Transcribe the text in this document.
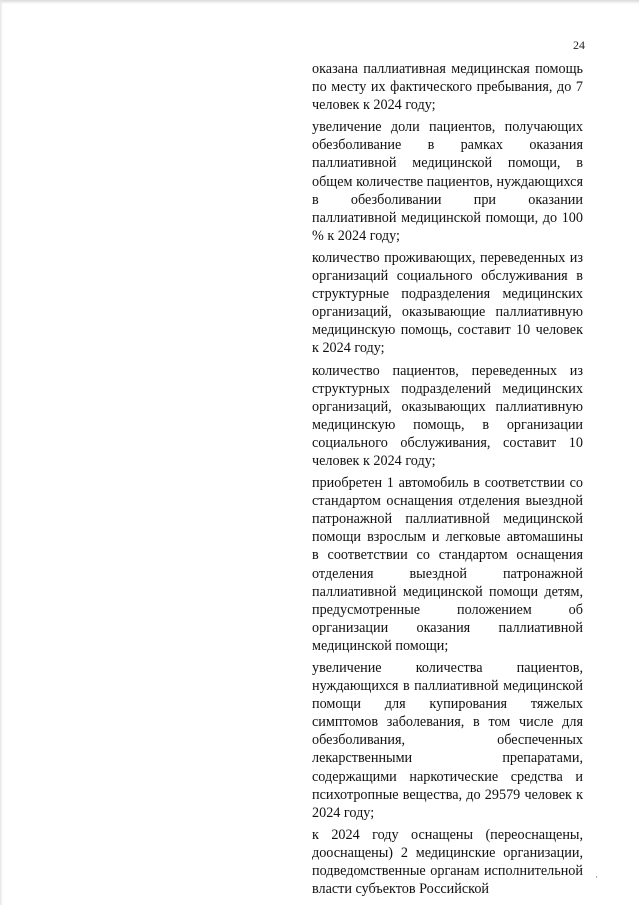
24

оказана паллиативная медицинская помощь по месту их фактического пребывания, до 7 человек к 2024 году;

увеличение доли пациентов, получающих обезболивание в рамках оказания паллиативной медицинской помощи, в общем количестве пациентов, нуждающихся в обезболивании при оказании паллиативной медицинской помощи, до 100 % к 2024 году;

количество проживающих, переведенных из организаций социального обслуживания в структурные подразделения медицинских организаций, оказывающие паллиативную медицинскую помощь, составит 10 человек к 2024 году;

количество пациентов, переведенных из структурных подразделений медицинских организаций, оказывающих паллиативную медицинскую помощь, в организации социального обслуживания, составит 10 человек к 2024 году;

приобретен 1 автомобиль в соответствии со стандартом оснащения отделения выездной патронажной паллиативной медицинской помощи взрослым и легковые автомашины в соответствии со стандартом оснащения отделения выездной патронажной паллиативной медицинской помощи детям, предусмотренные положением об организации оказания паллиативной медицинской помощи;

увеличение количества пациентов, нуждающихся в паллиативной медицинской помощи для купирования тяжелых симптомов заболевания, в том числе для обезболивания, обеспеченных лекарственными препаратами, содержащими наркотические средства и психотропные вещества, до 29579 человек к 2024 году;

к 2024 году оснащены (переоснащены, дооснащены) 2 медицинские организации, подведомственные органам исполнительной власти субъектов Российской

·
